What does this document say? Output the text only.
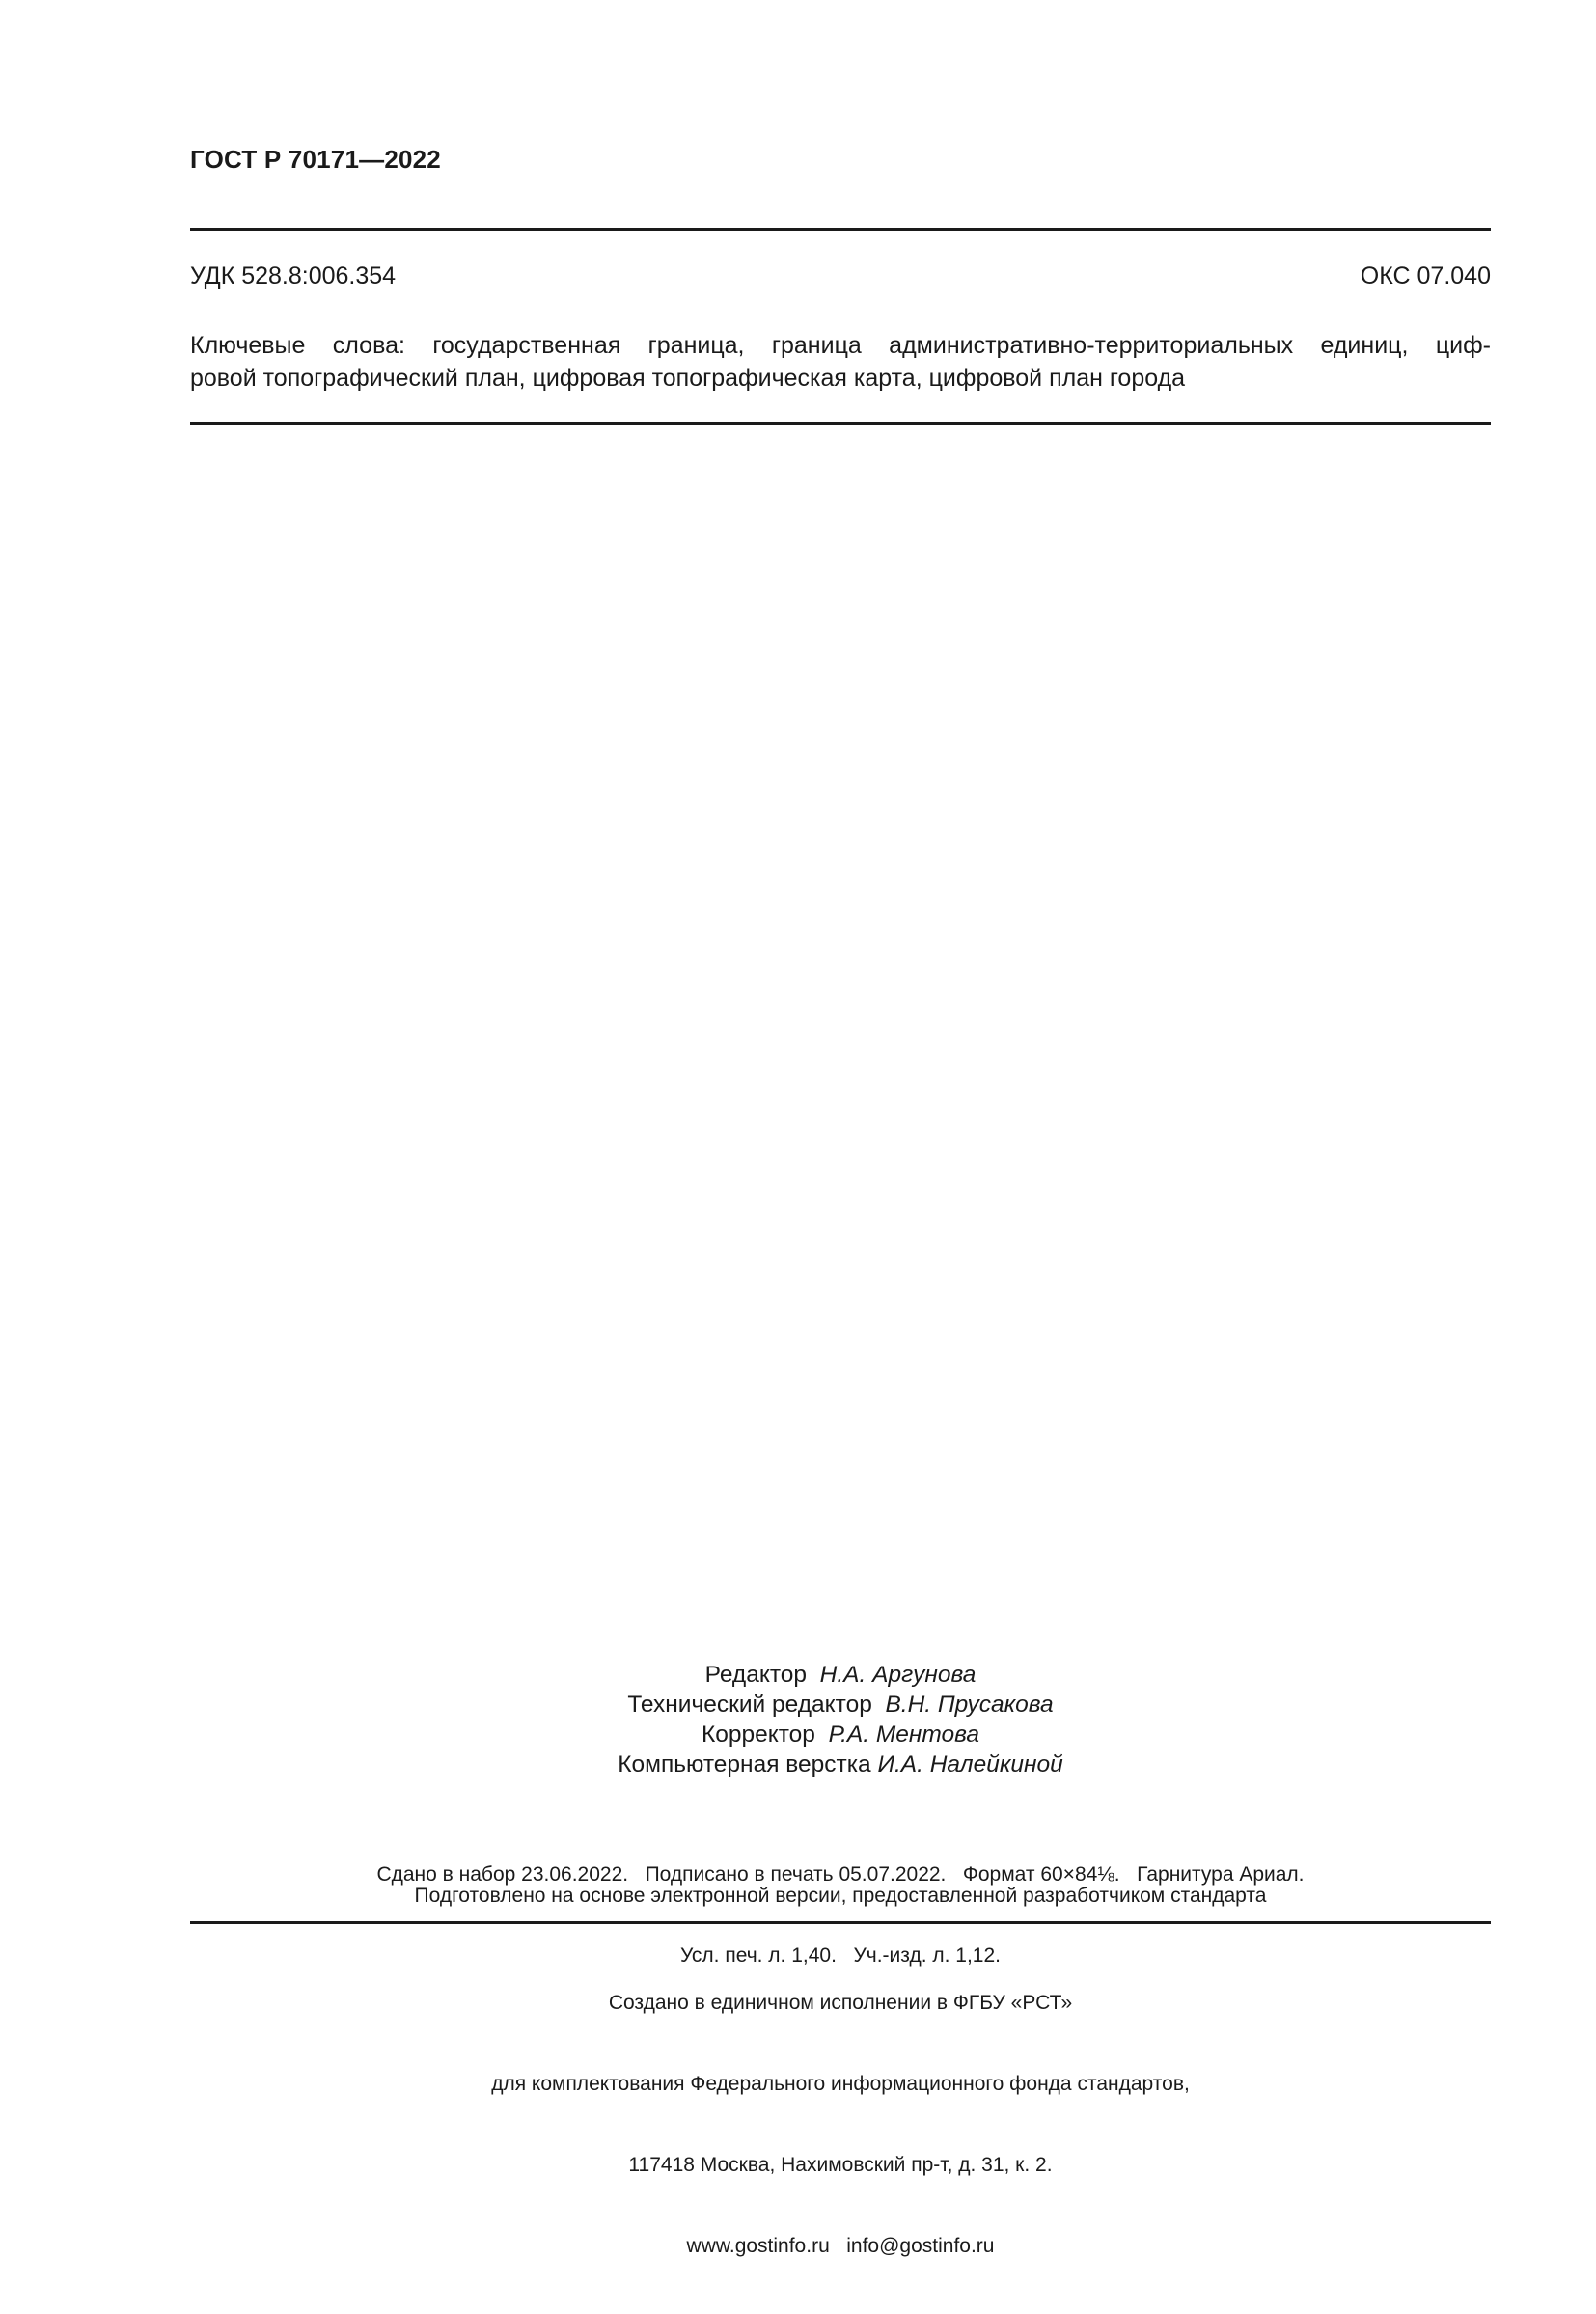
ГОСТ Р 70171—2022
УДК 528.8:006.354	ОКС 07.040
Ключевые слова: государственная граница, граница административно-территориальных единиц, циф-
ровой топографический план, цифровая топографическая карта, цифровой план города
Редактор Н.А. Аргунова
Технический редактор В.Н. Прусакова
Корректор Р.А. Ментова
Компьютерная верстка И.А. Налейкиной

Сдано в набор 23.06.2022.   Подписано в печать 05.07.2022.   Формат 60×84⅛.   Гарнитура Ариал.

Усл. печ. л. 1,40.   Уч.-изд. л. 1,12.

Подготовлено на основе электронной версии, предоставленной разработчиком стандарта

Создано в единичном исполнении в ФГБУ «РСТ»

для комплектования Федерального информационного фонда стандартов,

117418 Москва, Нахимовский пр-т, д. 31, к. 2.

www.gostinfo.ru   info@gostinfo.ru
